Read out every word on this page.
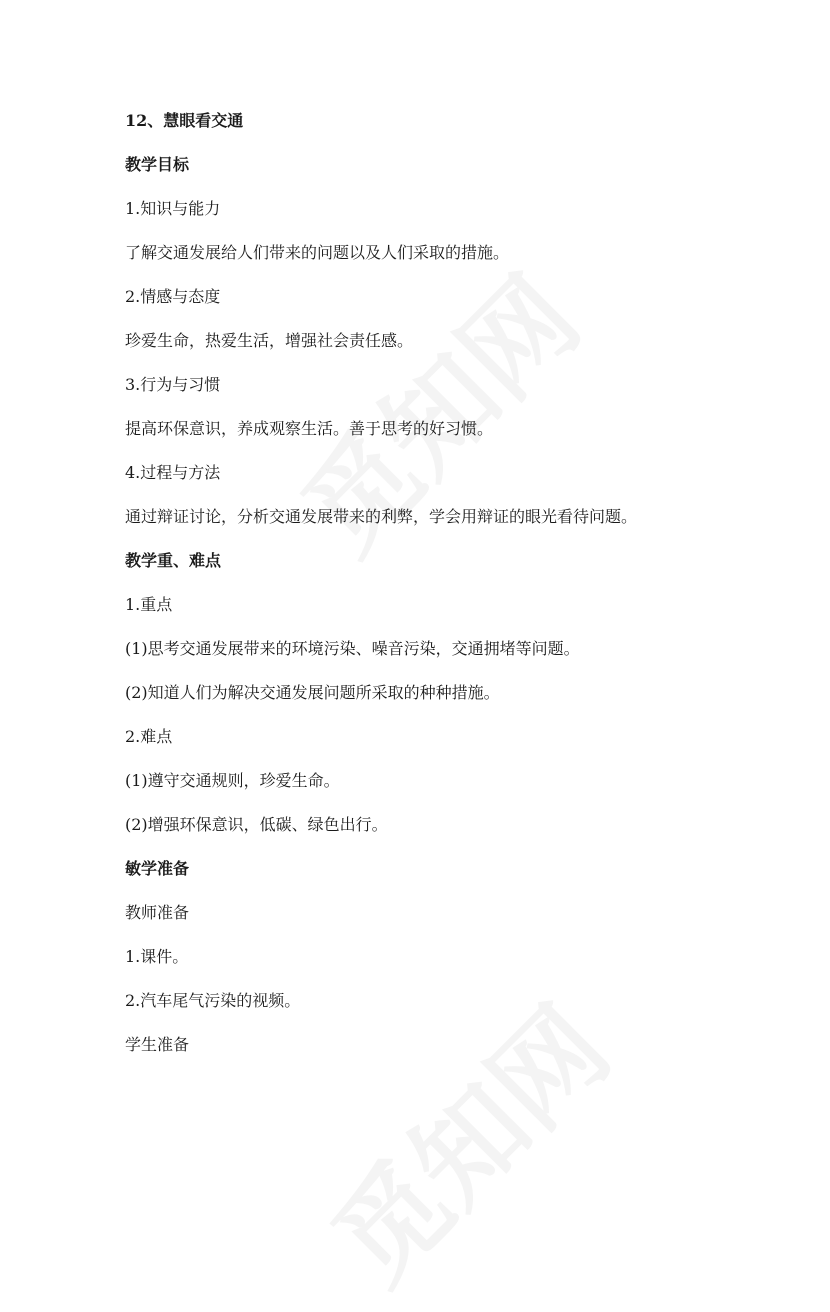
12、慧眼看交通
教学目标
1.知识与能力
了解交通发展给人们带来的问题以及人们采取的措施。
2.情感与态度
珍爱生命，热爱生活，增强社会责任感。
3.行为与习惯
提高环保意识，养成观察生活。善于思考的好习惯。
4.过程与方法
通过辩证讨论，分析交通发展带来的利弊，学会用辩证的眼光看待问题。
教学重、难点
1.重点
(1)思考交通发展带来的环境污染、噪音污染，交通拥堵等问题。
(2)知道人们为解决交通发展问题所采取的种种措施。
2.难点
(1)遵守交通规则，珍爱生命。
(2)增强环保意识，低碳、绿色出行。
敏学准备
教师准备
1.课件。
2.汽车尾气污染的视频。
学生准备
